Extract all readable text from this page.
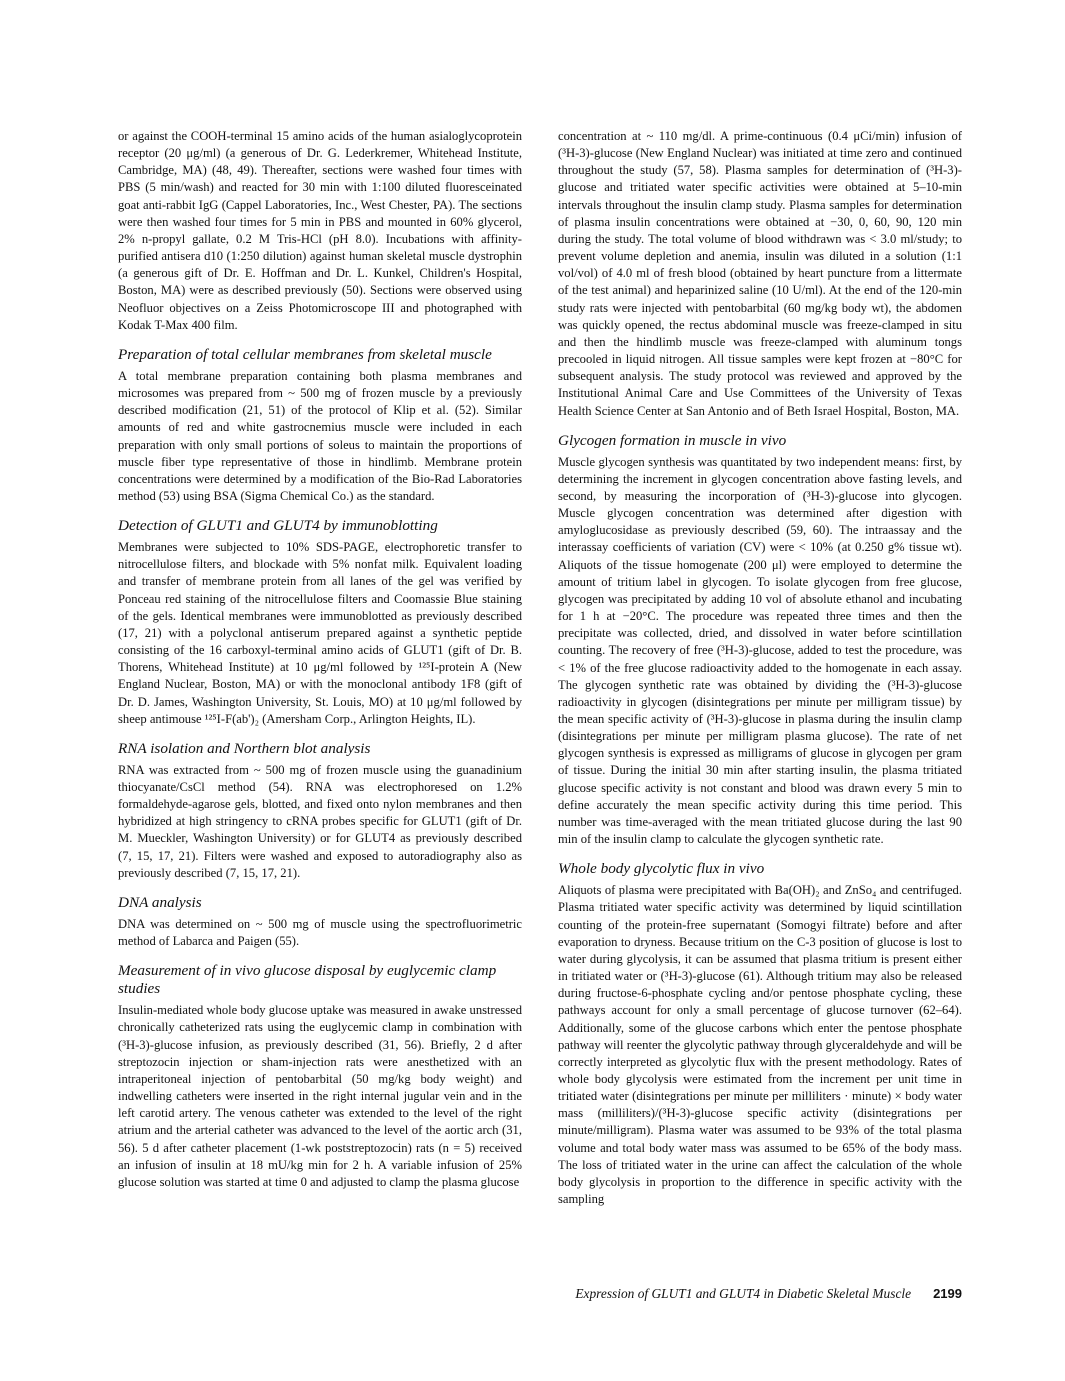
or against the COOH-terminal 15 amino acids of the human asialoglycoprotein receptor (20 μg/ml) (a generous of Dr. G. Lederkremer, Whitehead Institute, Cambridge, MA) (48, 49). Thereafter, sections were washed four times with PBS (5 min/wash) and reacted for 30 min with 1:100 diluted fluoresceinated goat anti-rabbit IgG (Cappel Laboratories, Inc., West Chester, PA). The sections were then washed four times for 5 min in PBS and mounted in 60% glycerol, 2% n-propyl gallate, 0.2 M Tris-HCl (pH 8.0). Incubations with affinity-purified antisera d10 (1:250 dilution) against human skeletal muscle dystrophin (a generous gift of Dr. E. Hoffman and Dr. L. Kunkel, Children's Hospital, Boston, MA) were as described previously (50). Sections were observed using Neofluor objectives on a Zeiss Photomicroscope III and photographed with Kodak T-Max 400 film.

Preparation of total cellular membranes from skeletal muscle

A total membrane preparation containing both plasma membranes and microsomes was prepared from ~ 500 mg of frozen muscle by a previously described modification (21, 51) of the protocol of Klip et al. (52). Similar amounts of red and white gastrocnemius muscle were included in each preparation with only small portions of soleus to maintain the proportions of muscle fiber type representative of those in hindlimb. Membrane protein concentrations were determined by a modification of the Bio-Rad Laboratories method (53) using BSA (Sigma Chemical Co.) as the standard.

Detection of GLUT1 and GLUT4 by immunoblotting

Membranes were subjected to 10% SDS-PAGE, electrophoretic transfer to nitrocellulose filters, and blockade with 5% nonfat milk. Equivalent loading and transfer of membrane protein from all lanes of the gel was verified by Ponceau red staining of the nitrocellulose filters and Coomassie Blue staining of the gels. Identical membranes were immunoblotted as previously described (17, 21) with a polyclonal antiserum prepared against a synthetic peptide consisting of the 16 carboxyl-terminal amino acids of GLUT1 (gift of Dr. B. Thorens, Whitehead Institute) at 10 μg/ml followed by ¹²⁵I-protein A (New England Nuclear, Boston, MA) or with the monoclonal antibody 1F8 (gift of Dr. D. James, Washington University, St. Louis, MO) at 10 μg/ml followed by sheep antimouse ¹²⁵I-F(ab')₂ (Amersham Corp., Arlington Heights, IL).

RNA isolation and Northern blot analysis

RNA was extracted from ~ 500 mg of frozen muscle using the guanadinium thiocyanate/CsCl method (54). RNA was electrophoresed on 1.2% formaldehyde-agarose gels, blotted, and fixed onto nylon membranes and then hybridized at high stringency to cRNA probes specific for GLUT1 (gift of Dr. M. Mueckler, Washington University) or for GLUT4 as previously described (7, 15, 17, 21). Filters were washed and exposed to autoradiography also as previously described (7, 15, 17, 21).

DNA analysis

DNA was determined on ~ 500 mg of muscle using the spectrofluorimetric method of Labarca and Paigen (55).

Measurement of in vivo glucose disposal by euglycemic clamp studies

Insulin-mediated whole body glucose uptake was measured in awake unstressed chronically catheterized rats using the euglycemic clamp in combination with (³H-3)-glucose infusion, as previously described (31, 56). Briefly, 2 d after streptozocin injection or sham-injection rats were anesthetized with an intraperitoneal injection of pentobarbital (50 mg/kg body weight) and indwelling catheters were inserted in the right internal jugular vein and in the left carotid artery. The venous catheter was extended to the level of the right atrium and the arterial catheter was advanced to the level of the aortic arch (31, 56). 5 d after catheter placement (1-wk poststreptozocin) rats (n = 5) received an infusion of insulin at 18 mU/kg min for 2 h. A variable infusion of 25% glucose solution was started at time 0 and adjusted to clamp the plasma glucose

concentration at ~ 110 mg/dl. A prime-continuous (0.4 μCi/min) infusion of (³H-3)-glucose (New England Nuclear) was initiated at time zero and continued throughout the study (57, 58). Plasma samples for determination of (³H-3)-glucose and tritiated water specific activities were obtained at 5–10-min intervals throughout the insulin clamp study. Plasma samples for determination of plasma insulin concentrations were obtained at −30, 0, 60, 90, 120 min during the study. The total volume of blood withdrawn was < 3.0 ml/study; to prevent volume depletion and anemia, insulin was diluted in a solution (1:1 vol/vol) of 4.0 ml of fresh blood (obtained by heart puncture from a littermate of the test animal) and heparinized saline (10 U/ml). At the end of the 120-min study rats were injected with pentobarbital (60 mg/kg body wt), the abdomen was quickly opened, the rectus abdominal muscle was freeze-clamped in situ and then the hindlimb muscle was freeze-clamped with aluminum tongs precooled in liquid nitrogen. All tissue samples were kept frozen at −80°C for subsequent analysis. The study protocol was reviewed and approved by the Institutional Animal Care and Use Committees of the University of Texas Health Science Center at San Antonio and of Beth Israel Hospital, Boston, MA.

Glycogen formation in muscle in vivo

Muscle glycogen synthesis was quantitated by two independent means: first, by determining the increment in glycogen concentration above fasting levels, and second, by measuring the incorporation of (³H-3)-glucose into glycogen. Muscle glycogen concentration was determined after digestion with amyloglucosidase as previously described (59, 60). The intraassay and the interassay coefficients of variation (CV) were < 10% (at 0.250 g% tissue wt). Aliquots of the tissue homogenate (200 μl) were employed to determine the amount of tritium label in glycogen. To isolate glycogen from free glucose, glycogen was precipitated by adding 10 vol of absolute ethanol and incubating for 1 h at −20°C. The procedure was repeated three times and then the precipitate was collected, dried, and dissolved in water before scintillation counting. The recovery of free (³H-3)-glucose, added to test the procedure, was < 1% of the free glucose radioactivity added to the homogenate in each assay. The glycogen synthetic rate was obtained by dividing the (³H-3)-glucose radioactivity in glycogen (disintegrations per minute per milligram tissue) by the mean specific activity of (³H-3)-glucose in plasma during the insulin clamp (disintegrations per minute per milligram plasma glucose). The rate of net glycogen synthesis is expressed as milligrams of glucose in glycogen per gram of tissue. During the initial 30 min after starting insulin, the plasma tritiated glucose specific activity is not constant and blood was drawn every 5 min to define accurately the mean specific activity during this time period. This number was time-averaged with the mean tritiated glucose during the last 90 min of the insulin clamp to calculate the glycogen synthetic rate.

Whole body glycolytic flux in vivo

Aliquots of plasma were precipitated with Ba(OH)₂ and ZnSo₄ and centrifuged. Plasma tritiated water specific activity was determined by liquid scintillation counting of the protein-free supernatant (Somogyi filtrate) before and after evaporation to dryness. Because tritium on the C-3 position of glucose is lost to water during glycolysis, it can be assumed that plasma tritium is present either in tritiated water or (³H-3)-glucose (61). Although tritium may also be released during fructose-6-phosphate cycling and/or pentose phosphate cycling, these pathways account for only a small percentage of glucose turnover (62–64). Additionally, some of the glucose carbons which enter the pentose phosphate pathway will reenter the glycolytic pathway through glyceraldehyde and will be correctly interpreted as glycolytic flux with the present methodology. Rates of whole body glycolysis were estimated from the increment per unit time in tritiated water (disintegrations per minute per milliliters · minute) × body water mass (milliliters)/(³H-3)-glucose specific activity (disintegrations per minute/milligram). Plasma water was assumed to be 93% of the total plasma volume and total body water mass was assumed to be 65% of the body mass. The loss of tritiated water in the urine can affect the calculation of the whole body glycolysis in proportion to the difference in specific activity with the sampling

Expression of GLUT1 and GLUT4 in Diabetic Skeletal Muscle 2199
